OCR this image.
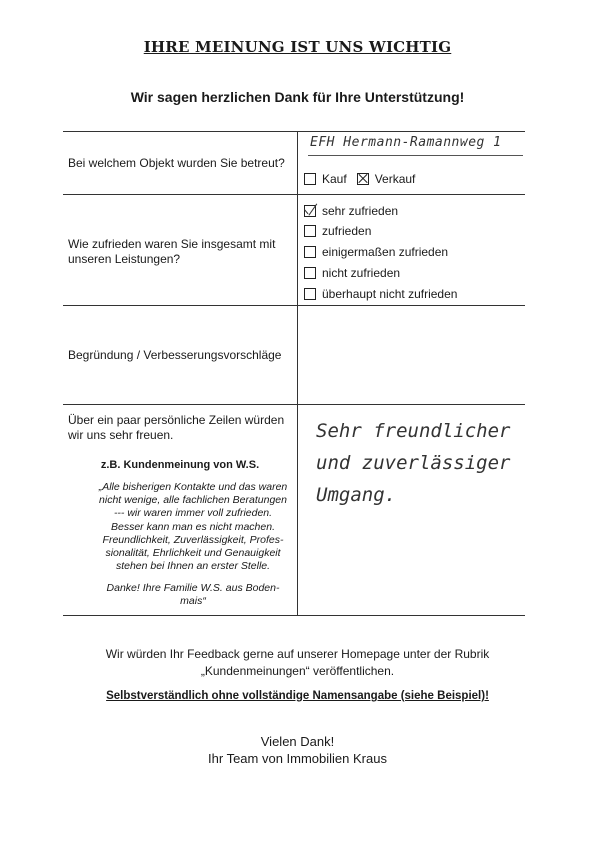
IHRE MEINUNG IST UNS WICHTIG
Wir sagen herzlichen Dank für Ihre Unterstützung!
Bei welchem Objekt wurden Sie betreut?
EFH Hermann-Ramannweg 1
Kauf Verkauf
Wie zufrieden waren Sie insgesamt mit
unseren Leistungen?
sehr zufrieden
zufrieden
einigermaßen zufrieden
nicht zufrieden
überhaupt nicht zufrieden
Begründung / Verbesserungsvorschläge
Über ein paar persönliche Zeilen würden
wir uns sehr freuen.
z.B. Kundenmeinung von W.S.
„Alle bisherigen Kontakte und das waren
nicht wenige, alle fachlichen Beratungen
--- wir waren immer voll zufrieden.
Besser kann man es nicht machen.
Freundlichkeit, Zuverlässigkeit, Profes-
sionalität, Ehrlichkeit und Genauigkeit
stehen bei Ihnen an erster Stelle.
Danke! Ihre Familie W.S. aus Boden-
mais“
Sehr freundlicher
und zuverlässiger
Umgang.
Wir würden Ihr Feedback gerne auf unserer Homepage unter der Rubrik
„Kundenmeinungen“ veröffentlichen.
Selbstverständlich ohne vollständige Namensangabe (siehe Beispiel)!
Vielen Dank!
Ihr Team von Immobilien Kraus
